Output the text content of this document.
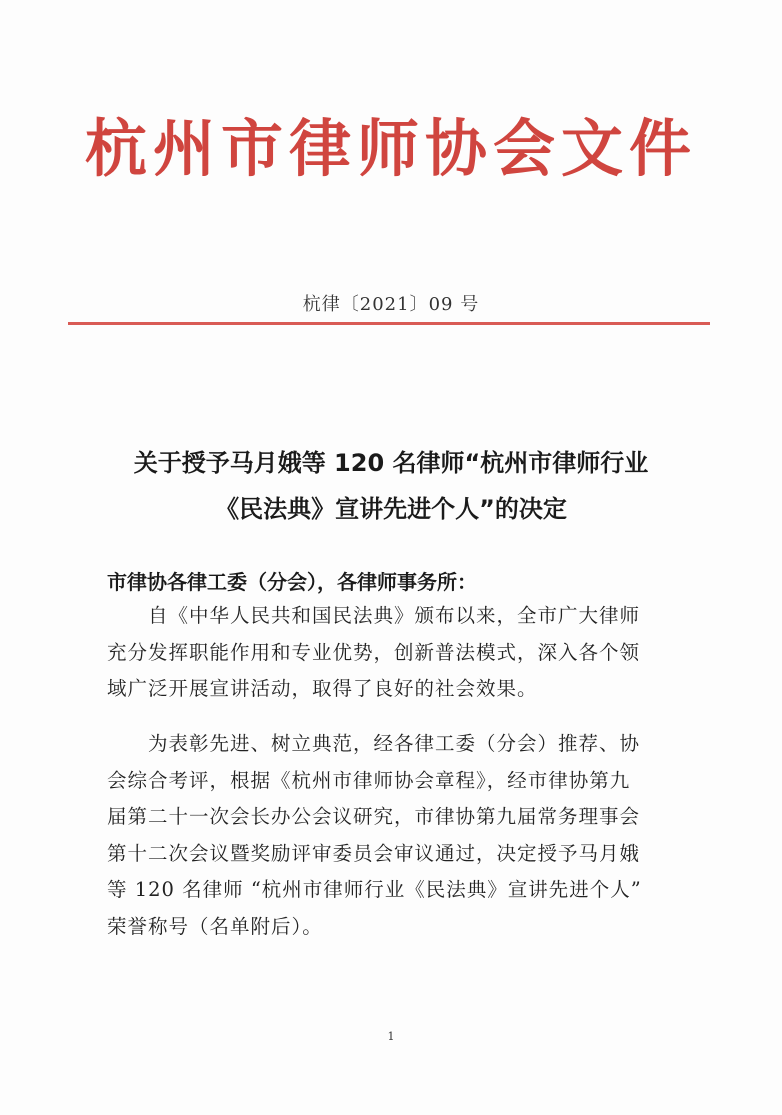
杭州市律师协会文件
杭律〔2021〕09 号
关于授予马月娥等 120 名律师“杭州市律师行业
《民法典》宣讲先进个人”的决定
市律协各律工委（分会），各律师事务所：
　　自《中华人民共和国民法典》颁布以来，全市广大律师
充分发挥职能作用和专业优势，创新普法模式，深入各个领
域广泛开展宣讲活动，取得了良好的社会效果。
　　为表彰先进、树立典范，经各律工委（分会）推荐、协
会综合考评，根据《杭州市律师协会章程》，经市律协第九
届第二十一次会长办公会议研究，市律协第九届常务理事会
第十二次会议暨奖励评审委员会审议通过，决定授予马月娥
等 120 名律师 “杭州市律师行业《民法典》宣讲先进个人”
荣誉称号（名单附后）。
1
